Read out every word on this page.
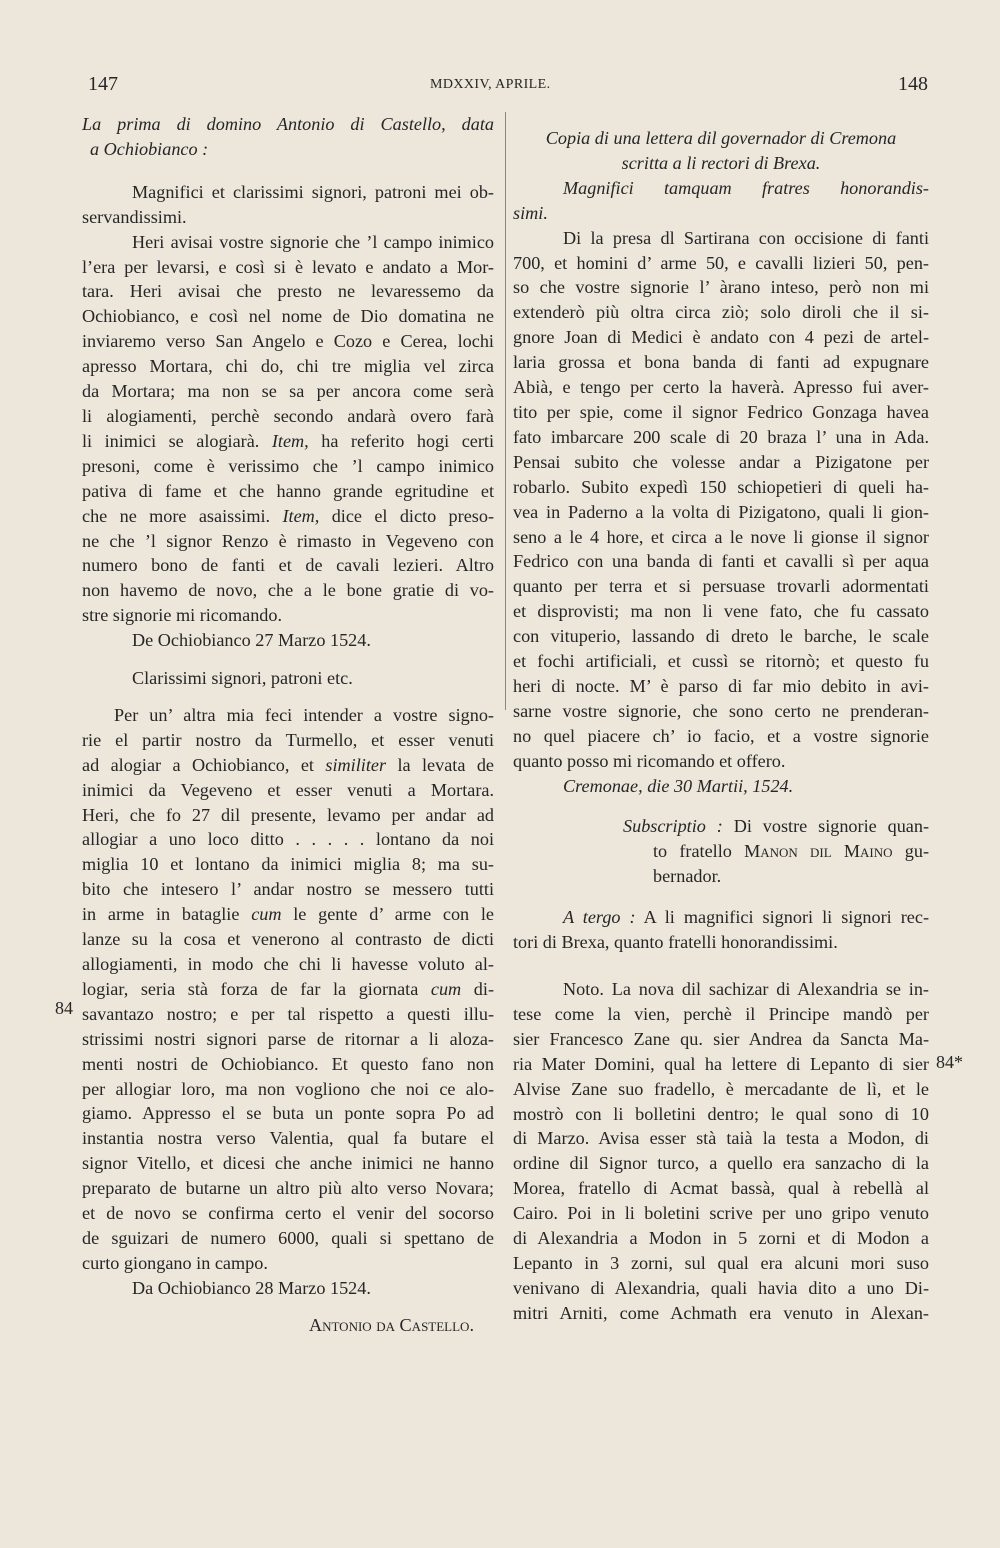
147	MDXXIV, APRILE.	148
84
84*

La prima di domino Antonio di Castello, data

a Ochiobianco :

Magnifici et clarissimi signori, patroni mei ob-

servandissimi.

Heri avisai vostre signorie che ’l campo inimico

l’era per levarsi, e così si è levato e andato a Mor-

tara. Heri avisai che presto ne levaressemo da

Ochiobianco, e così nel nome de Dio domatina ne

inviaremo verso San Angelo e Cozo e Cerea, lochi

apresso Mortara, chi do, chi tre miglia vel zirca

da Mortara; ma non se sa per ancora come serà

li alogiamenti, perchè secondo andarà overo farà

li inimici se alogiarà. Item, ha referito hogi certi

presoni, come è verissimo che ’l campo inimico

pativa di fame et che hanno grande egritudine et

che ne more asaissimi. Item, dice el dicto preso-

ne che ’l signor Renzo è rimasto in Vegeveno con

numero bono de fanti et de cavali lezieri. Altro

non havemo de novo, che a le bone gratie di vo-

stre signorie mi ricomando.

De Ochiobianco 27 Marzo 1524.

Clarissimi signori, patroni etc.

Per un’ altra mia feci intender a vostre signo-

rie el partir nostro da Turmello, et esser venuti

ad alogiar a Ochiobianco, et similiter la levata de

inimici da Vegeveno et esser venuti a Mortara.

Heri, che fo 27 dil presente, levamo per andar ad

allogiar a uno loco ditto . . . . . lontano da noi

miglia 10 et lontano da inimici miglia 8; ma su-

bito che intesero l’ andar nostro se messero tutti

in arme in bataglie cum le gente d’ arme con le

lanze su la cosa et venerono al contrasto de dicti

allogiamenti, in modo che chi li havesse voluto al-

logiar, seria stà forza de far la giornata cum di-

savantazo nostro; e per tal rispetto a questi illu-

strissimi nostri signori parse de ritornar a li aloza-

menti nostri de Ochiobianco. Et questo fano non

per allogiar loro, ma non vogliono che noi ce alo-

giamo. Appresso el se buta un ponte sopra Po ad

instantia nostra verso Valentia, qual fa butare el

signor Vitello, et dicesi che anche inimici ne hanno

preparato de butarne un altro più alto verso Novara;

et de novo se confirma certo el venir del socorso

de sguizari de numero 6000, quali si spettano de

curto giongano in campo.

Da Ochiobianco 28 Marzo 1524.

Antonio da Castello.

Copia di una lettera dil governador di Cremona

scritta a li rectori di Brexa.

Magnifici tamquam fratres honorandis-

simi.

Di la presa dl Sartirana con occisione di fanti

700, et homini d’ arme 50, e cavalli lizieri 50, pen-

so che vostre signorie l’ àrano inteso, però non mi

extenderò più oltra circa ziò; solo diroli che il si-

gnore Joan di Medici è andato con 4 pezi de artel-

laria grossa et bona banda di fanti ad expugnare

Abià, e tengo per certo la haverà. Apresso fui aver-

tito per spie, come il signor Fedrico Gonzaga havea

fato imbarcare 200 scale di 20 braza l’ una in Ada.

Pensai subito che volesse andar a Pizigatone per

robarlo. Subito expedì 150 schiopetieri di queli ha-

vea in Paderno a la volta di Pizigatono, quali li gion-

seno a le 4 hore, et circa a le nove li gionse il signor

Fedrico con una banda di fanti et cavalli sì per aqua

quanto per terra et si persuase trovarli adormentati

et disprovisti; ma non li vene fato, che fu cassato

con vituperio, lassando di dreto le barche, le scale

et fochi artificiali, et cussì se ritornò; et questo fu

heri di nocte. M’ è parso di far mio debito in avi-

sarne vostre signorie, che sono certo ne prenderan-

no quel piacere ch’ io facio, et a vostre signorie

quanto posso mi ricomando et offero.

Cremonae, die 30 Martii, 1524.

Subscriptio : Di vostre signorie quan-

to fratello Manon dil Maino gu-

bernador.

A tergo : A li magnifici signori li signori rec-

tori di Brexa, quanto fratelli honorandissimi.

Noto. La nova dil sachizar di Alexandria se in-

tese come la vien, perchè il Principe mandò per

sier Francesco Zane qu. sier Andrea da Sancta Ma-

ria Mater Domini, qual ha lettere di Lepanto di sier

Alvise Zane suo fradello, è mercadante de lì, et le

mostrò con li bolletini dentro; le qual sono di 10

di Marzo. Avisa esser stà taià la testa a Modon, di

ordine dil Signor turco, a quello era sanzacho di la

Morea, fratello di Acmat bassà, qual à rebellà al

Cairo. Poi in li boletini scrive per uno gripo venuto

di Alexandria a Modon in 5 zorni et di Modon a

Lepanto in 3 zorni, sul qual era alcuni mori suso

venivano di Alexandria, quali havia dito a uno Di-

mitri Arniti, come Achmath era venuto in Alexan-
